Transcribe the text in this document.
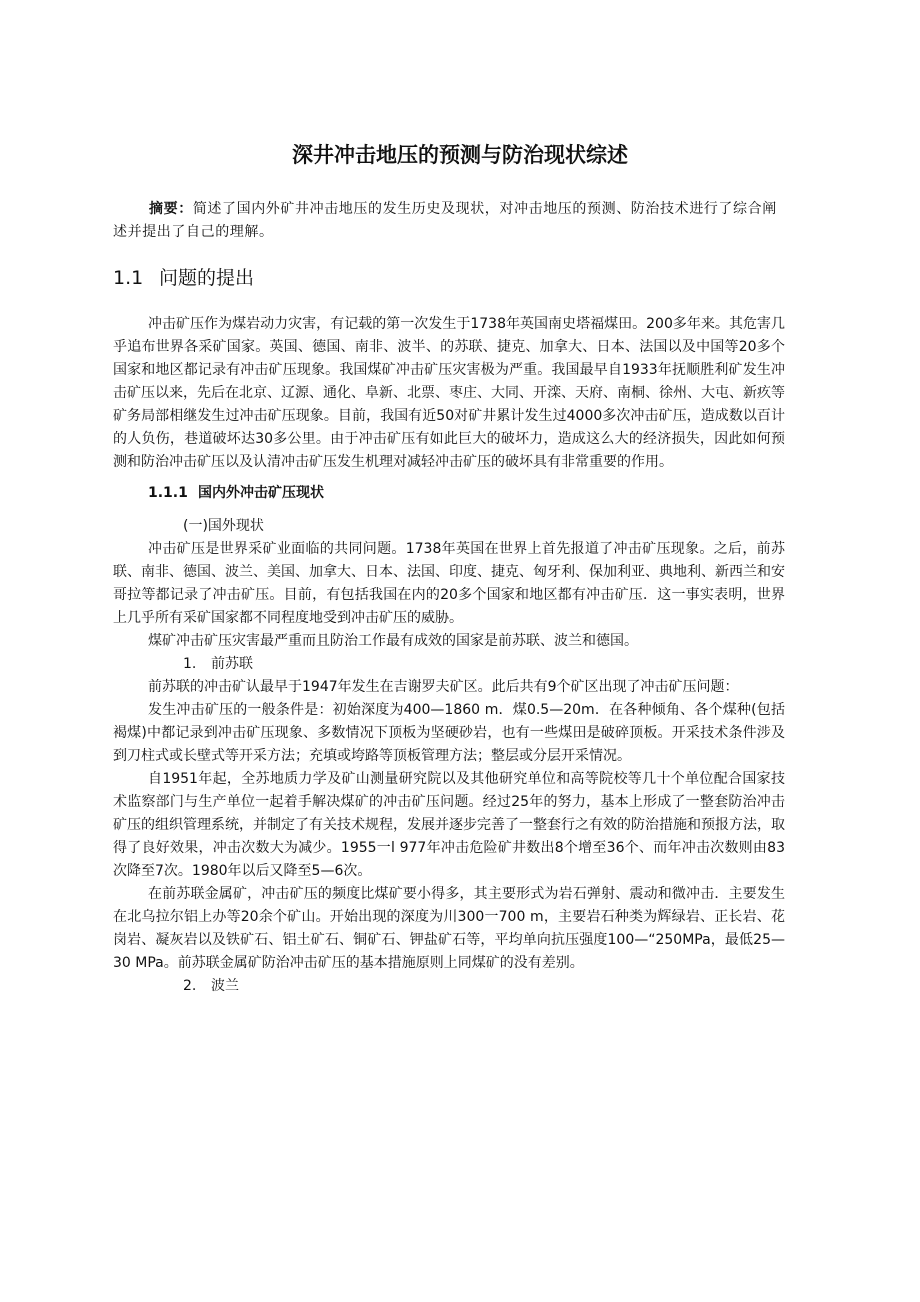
深井冲击地压的预测与防治现状综述
摘要：简述了国内外矿井冲击地压的发生历史及现状，对冲击地压的预测、防治技术进行了综合阐述并提出了自己的理解。
1.1 问题的提出

冲击矿压作为煤岩动力灾害，有记载的第一次发生于1738年英国南史塔福煤田。200多年来。其危害几乎追布世界各采矿国家。英国、德国、南非、波半、的苏联、捷克、加拿大、日本、法国以及中国等20多个国家和地区都记录有冲击矿压现象。我国煤矿冲击矿压灾害极为严重。我国最早自1933年抚顺胜利矿发生冲击矿压以来，先后在北京、辽源、通化、阜新、北票、枣庄、大同、开滦、天府、南桐、徐州、大屯、新疚等矿务局部相继发生过冲击矿压现象。目前，我国有近50对矿井累计发生过4000多次冲击矿压，造成数以百计的人负伤，巷道破坏达30多公里。由于冲击矿压有如此巨大的破坏力，造成这么大的经济损失，因此如何预测和防治冲击矿压以及认清冲击矿压发生机理对减轻冲击矿压的破坏具有非常重要的作用。

1.1.1 国内外冲击矿压现状
(一)国外现状

冲击矿压是世界采矿业面临的共同问题。1738年英国在世界上首先报道了冲击矿压现象。之后，前苏联、南非、德国、波兰、美国、加拿大、日本、法国、印度、捷克、匈牙利、保加利亚、典地利、新西兰和安哥拉等都记录了冲击矿压。目前，有包括我国在内的20多个国家和地区都有冲击矿压．这一事实表明，世界上几乎所有采矿国家都不同程度地受到冲击矿压的威胁。

煤矿冲击矿压灾害最严重而且防治工作最有成效的国家是前苏联、波兰和德国。

1. 前苏联

前苏联的冲击矿认最早于1947年发生在吉谢罗夫矿区。此后共有9个矿区出现了冲击矿压问题：

发生冲击矿压的一般条件是：初始深度为400—1860 m．煤0.5—20m．在各种倾角、各个煤种(包括褐煤)中都记录到冲击矿压现象、多数情况下顶板为坚硬砂岩，也有一些煤田是破碎顶板。开采技术条件涉及到刀柱式或长壁式等开采方法；充填或垮路等顶板管理方法；整层或分层开采情况。

自1951年起，全苏地质力学及矿山测量研究院以及其他研究单位和高等院校等几十个单位配合国家技术监察部门与生产单位一起着手解决煤矿的冲击矿压问题。经过25年的努力，基本上形成了一整套防治冲击矿压的组织管理系统，并制定了有关技术规程，发展并逐步完善了一整套行之有效的防治措施和预报方法，取得了良好效果，冲击次数大为减少。1955一l 977年冲击危险矿井数出8个增至36个、而年冲击次数则由83次降至7次。1980年以后又降至5—6次。

在前苏联金属矿，冲击矿压的频度比煤矿要小得多，其主要形式为岩石弹射、震动和微冲击．主要发生在北乌拉尔铝上办等20余个矿山。开始出现的深度为川300一700 m，主要岩石种类为辉绿岩、正长岩、花岗岩、凝灰岩以及铁矿石、铝土矿石、铜矿石、钾盐矿石等，平均单向抗压强度100—“250MPa，最低25—30 MPa。前苏联金属矿防治冲击矿压的基本措施原则上同煤矿的没有差别。

2. 波兰
